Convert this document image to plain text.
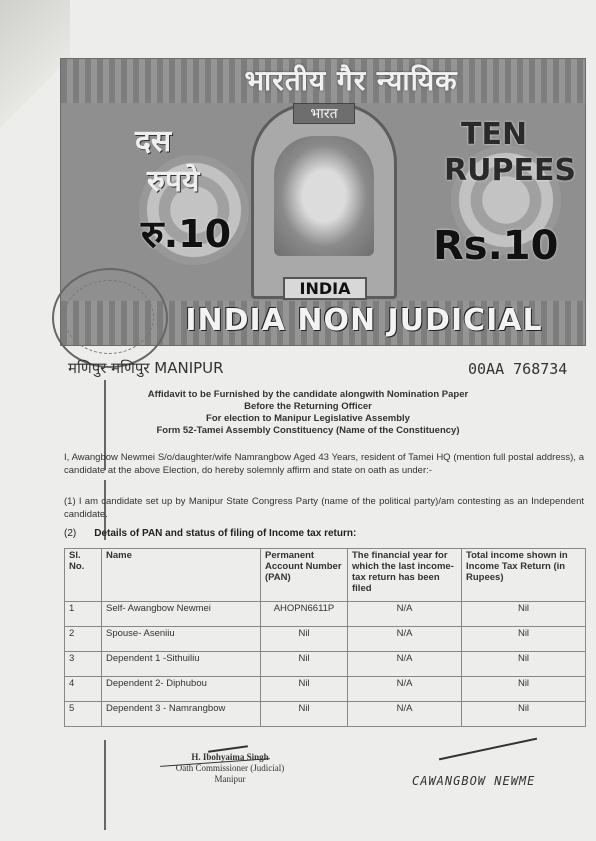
भारतीय गैर न्यायिक
भारत
दस
रुपये
रु.10
TEN
RUPEES
Rs.10
INDIA
INDIA NON JUDICIAL
मणिपुर मणिपुर MANIPUR	00AA 768734
Affidavit to be Furnished by the candidate alongwith Nomination Paper
Before the Returning Officer
For election to Manipur Legislative Assembly
Form 52-Tamei Assembly Constituency (Name of the Constituency)
I, Awangbow Newmei S/o/daughter/wife Namrangbow Aged 43 Years, resident of Tamei HQ (mention full postal address), a candidate at the above Election, do hereby solemnly affirm and state on oath as under:-
(1) I am candidate set up by Manipur State Congress Party (name of the political party)/am contesting as an Independent candidate.
(2) Details of PAN and status of filing of Income tax return:
Sl. No.	Name	Permanent Account Number (PAN)	The financial year for which the last income-tax return has been filed	Total income shown in Income Tax Return (in Rupees)
1	Self- Awangbow Newmei	AHOPN6611P	N/A	Nil
2	Spouse- Aseniiu	Nil	N/A	Nil
3	Dependent 1 -Sithuiliu	Nil	N/A	Nil
4	Dependent 2- Diphubou	Nil	N/A	Nil
5	Dependent 3 - Namrangbow	Nil	N/A	Nil
H. Ibohyaima Singh
Oath Commissioner (Judicial)
Manipur	CAWANGBOW NEWME
